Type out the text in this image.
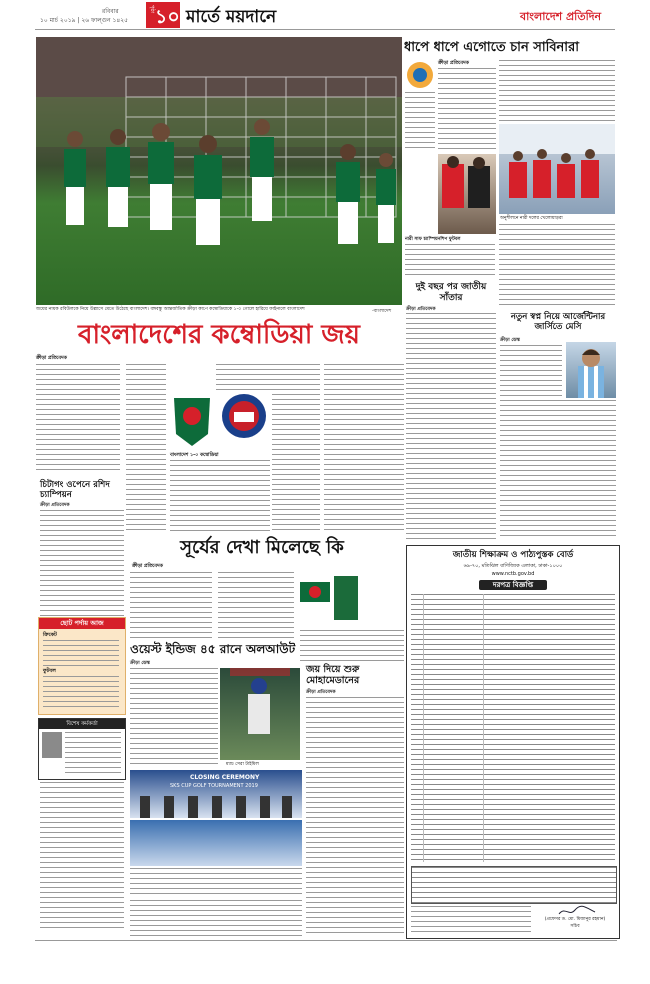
রবিবার
১০ মার্চ ২০১৯ | ২৬ ফাল্গুন ১৪২৫
পৃষ্ঠা ১০ মার্তে ময়দানে	বাংলাদেশ প্রতিদিন
জয়ের নায়ক রবিউলকে নিয়ে উল্লাসে মেতে উঠেছে বাংলাদেশ। বঙ্গবন্ধু আন্তর্জাতিক ক্রীড়া কাপে কম্বোডিয়াকে ১-০ গোলে হারিয়ে ফাইনালে বাংলাদেশ	-বাংলাদেশ
বাংলাদেশের কম্বোডিয়া জয়
ক্রীড়া প্রতিবেদক
বাংলাদেশ ১-০ কম্বোডিয়া
চিটাগং ওপেনে রশিদ চ্যাম্পিয়ন
ক্রীড়া প্রতিবেদক
ছোট পর্দায় আজ
ক্রিকেট
ফুটবল
বিশেষ কর্মকর্তা
সূর্যের দেখা মিলেছে কি
ক্রীড়া প্রতিবেদক
ওয়েস্ট ইন্ডিজ ৪৫ রানে অলআউট
ক্রীড়া ডেস্ক
ম্যাচ সেরা টাইমিল
জয় দিয়ে শুরু মোহামেডানের
ক্রীড়া প্রতিবেদক
CLOSING CEREMONY
SKS CUP GOLF TOURNAMENT 2019
ধাপে ধাপে এগোতে চান সাবিনারা
ক্রীড়া প্রতিবেদক
অনুশীলনে নারী দলের খেলোয়াড়রা
নারী সাফ চ্যাম্পিয়নশিপ ফুটবল
দুই বছর পর জাতীয় সাঁতার
ক্রীড়া প্রতিবেদক
নতুন স্বপ্ন নিয়ে আর্জেন্টিনার জার্সিতে মেসি
ক্রীড়া ডেস্ক
জাতীয় শিক্ষাক্রম ও পাঠ্যপুস্তক বোর্ড
৬৯-৭০, মতিঝিল বাণিজ্যিক এলাকা, ঢাকা-১০০০
www.nctb.gov.bd
দরপত্র বিজ্ঞপ্তি
(প্রফেসর ড. মো. মিজানুর রহমান)
সচিব
